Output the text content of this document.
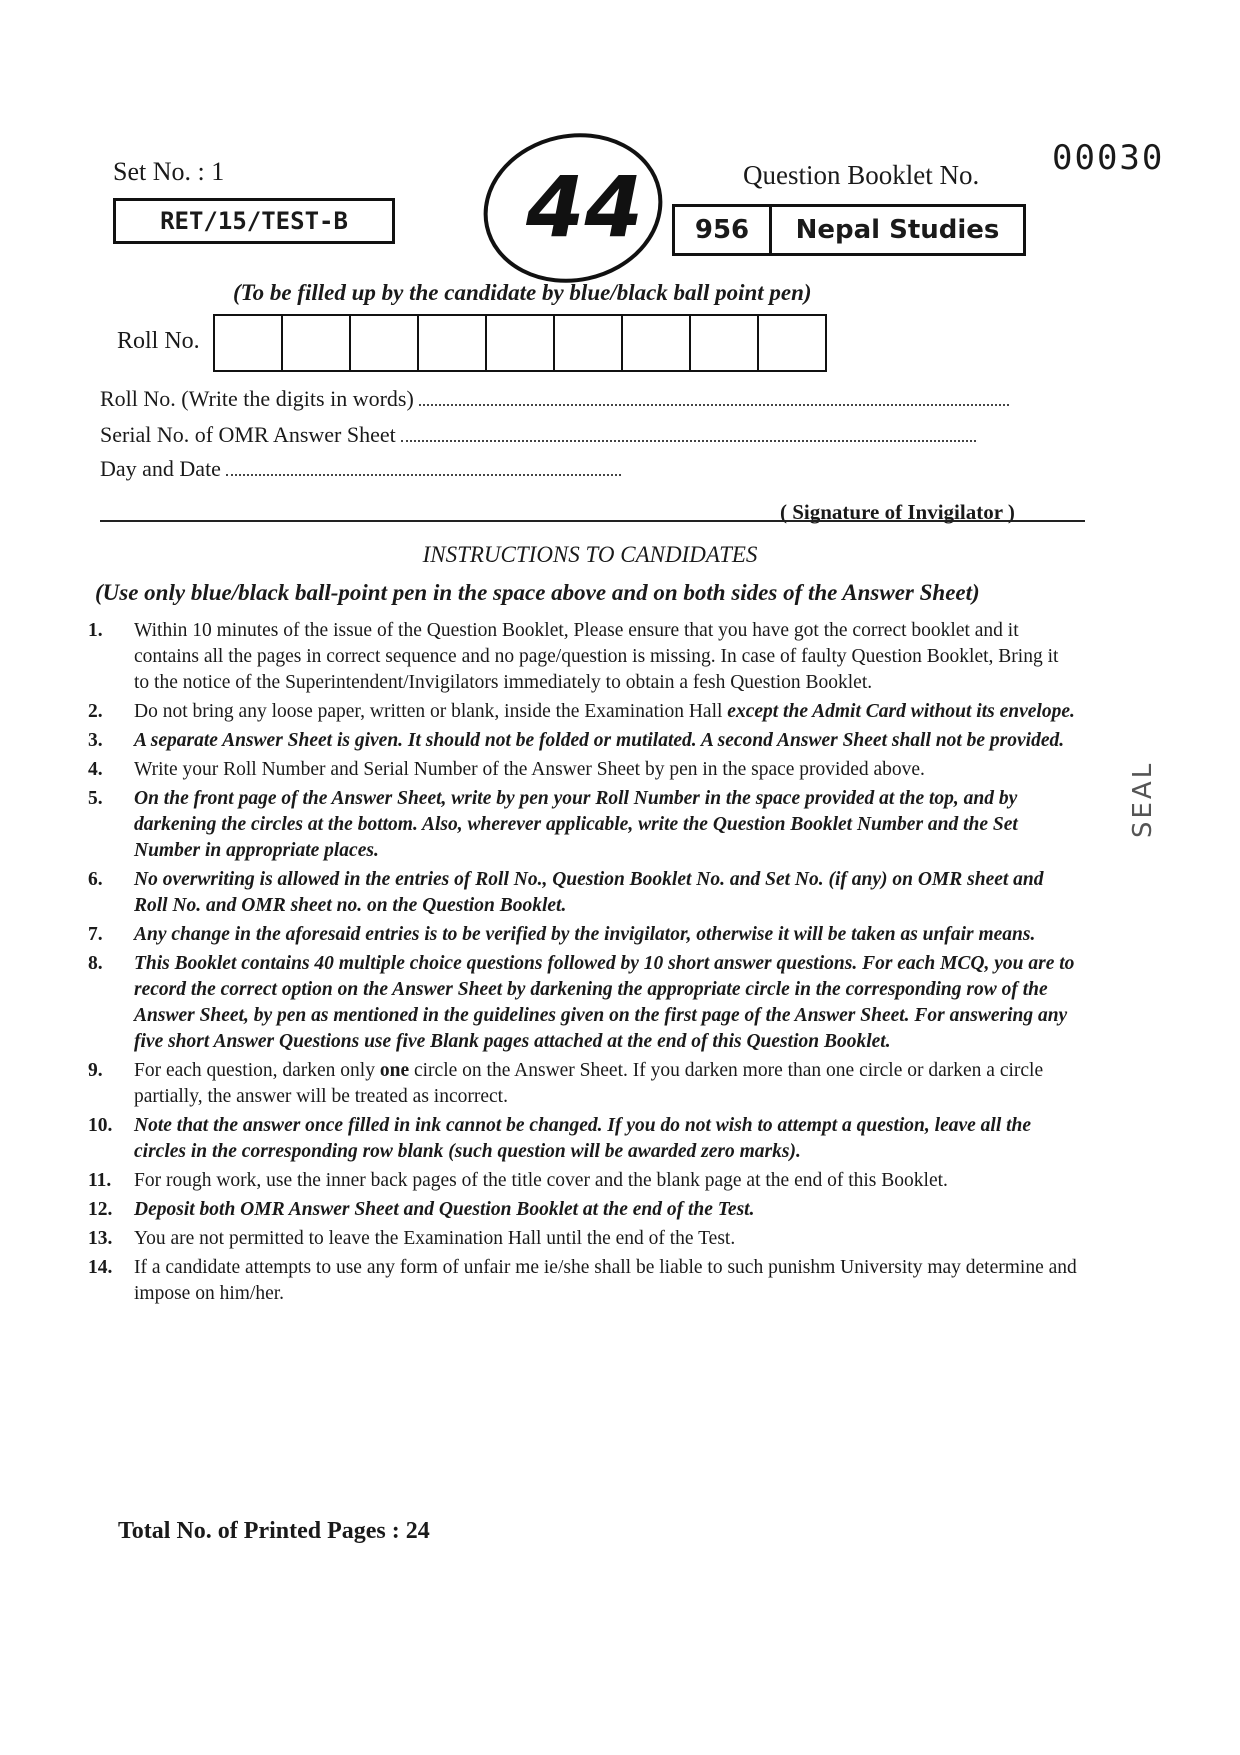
00030
Set No. : 1
RET/15/TEST-B	44	Question Booklet No.
956	Nepal Studies
(To be filled up by the candidate by blue/black ball point pen)
Roll No.
Roll No. (Write the digits in words)
Serial No. of OMR Answer Sheet
Day and Date
( Signature of Invigilator )
INSTRUCTIONS TO CANDIDATES
(Use only blue/black ball-point pen in the space above and on both sides of the Answer Sheet)
1.	Within 10 minutes of the issue of the Question Booklet, Please ensure that you have got the correct booklet and it contains all the pages in correct sequence and no page/question is missing. In case of faulty Question Booklet, Bring it to the notice of the Superintendent/Invigilators immediately to obtain a fesh Question Booklet.
2.	Do not bring any loose paper, written or blank, inside the Examination Hall except the Admit Card without its envelope.
3.	A separate Answer Sheet is given. It should not be folded or mutilated. A second Answer Sheet shall not be provided.
4.	Write your Roll Number and Serial Number of the Answer Sheet by pen in the space provided above.
5.	On the front page of the Answer Sheet, write by pen your Roll Number in the space provided at the top, and by darkening the circles at the bottom. Also, wherever applicable, write the Question Booklet Number and the Set Number in appropriate places.
6.	No overwriting is allowed in the entries of Roll No., Question Booklet No. and Set No. (if any) on OMR sheet and Roll No. and OMR sheet no. on the Question Booklet.
7.	Any change in the aforesaid entries is to be verified by the invigilator, otherwise it will be taken as unfair means.
8.	This Booklet contains 40 multiple choice questions followed by 10 short answer questions. For each MCQ, you are to record the correct option on the Answer Sheet by darkening the appropriate circle in the corresponding row of the Answer Sheet, by pen as mentioned in the guidelines given on the first page of the Answer Sheet. For answering any five short Answer Questions use five Blank pages attached at the end of this Question Booklet.
9.	For each question, darken only one circle on the Answer Sheet. If you darken more than one circle or darken a circle partially, the answer will be treated as incorrect.
10.	Note that the answer once filled in ink cannot be changed. If you do not wish to attempt a question, leave all the circles in the corresponding row blank (such question will be awarded zero marks).
11.	For rough work, use the inner back pages of the title cover and the blank page at the end of this Booklet.
12.	Deposit both OMR Answer Sheet and Question Booklet at the end of the Test.
13.	You are not permitted to leave the Examination Hall until the end of the Test.
14.	If a candidate attempts to use any form of unfair me ie/she shall be liable to such punishm University may determine and impose on him/her.
SEAL
Total No. of Printed Pages : 24
